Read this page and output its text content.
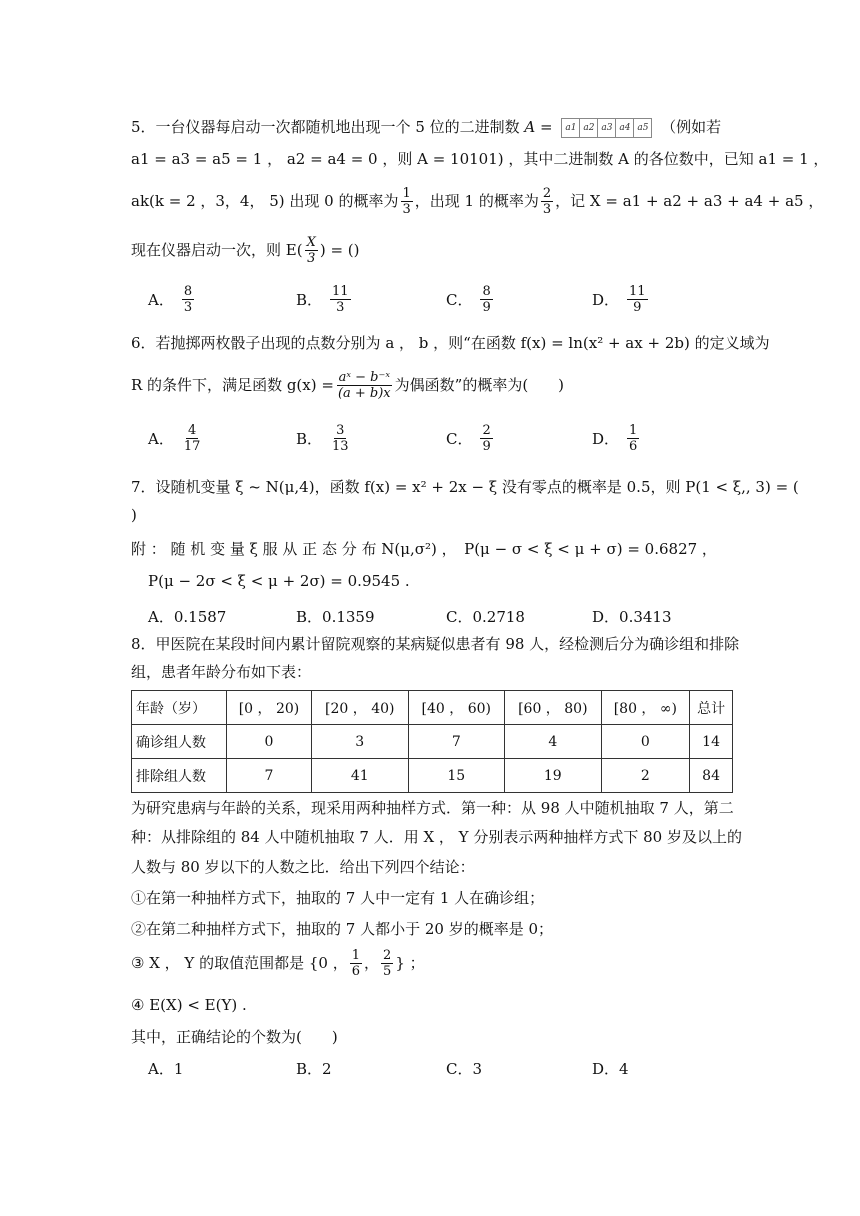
5．一台仪器每启动一次都随机地出现一个 5 位的二进制数 A =	a1 a2 a3 a4 a5 （例如若
a1 = a3 = a5 = 1 ， a2 = a4 = 0 ，则 A = 10101) ，其中二进制数 A 的各位数中，已知 a1 = 1 ，
ak(k = 2 ，3，4， 5) 出现 0 的概率为 $\frac{1}{3}$ ，出现 1 的概率为 $\frac{2}{3}$ ，记 X = a1 + a2 + a3 + a4 + a5 ，
现在仪器启动一次，则 $E( \frac{X}{3}$ ) = ()
A． $\frac{8}{3}$	B． $\frac{11}{3}$	C． $\frac{8}{9}$	D． $\frac{11}{9}$
6．若抛掷两枚骰子出现的点数分别为 a ， b ，则“在函数 f(x) = ln(x² + ax + 2b) 的定义域为
R 的条件下，满足函数 $g(x) = \frac{\text{aˣ − b⁻ˣ}}{(a + b)x}$ 为偶函数”的概率为(　　)
A． $\frac{4}{17}$	B． $\frac{3}{13}$	C． $\frac{2}{9}$	D． $\frac{1}{6}$
7．设随机变量 ξ ~ N(μ,4)，函数 f(x) = x² + 2x − ξ 没有零点的概率是 0.5，则 P(1 < ξ,, 3) = (
)
附 ： 随 机 变 量 ξ 服 从 正 态 分 布 N(μ,σ²) ，　P(μ − σ < ξ < μ + σ) = 0.6827 ，
P(μ − 2σ < ξ < μ + 2σ) = 0.9545 .
A．0.1587	B．0.1359	C．0.2718	D．0.3413
8．甲医院在某段时间内累计留院观察的某病疑似患者有 98 人，经检测后分为确诊组和排除
组，患者年龄分布如下表：
年龄（岁）	[0 ， 20)	[20 ， 40)	[40 ， 60)	[60 ， 80)	[80 ， ∞)	总计
确诊组人数	0	3	7	4	0	14
排除组人数	7	41	15	19	2	84
为研究患病与年龄的关系，现采用两种抽样方式．第一种：从 98 人中随机抽取 7 人，第二
种：从排除组的 84 人中随机抽取 7 人．用 X ， Y 分别表示两种抽样方式下 80 岁及以上的
人数与 80 岁以下的人数之比．给出下列四个结论：
①在第一种抽样方式下，抽取的 7 人中一定有 1 人在确诊组；
②在第二种抽样方式下，抽取的 7 人都小于 20 岁的概率是 0；
③ X ， Y 的取值范围都是 {0 ， $\frac{1}{6}$ ， $\frac{2}{5}$ } ；
④ E(X) < E(Y) .
其中，正确结论的个数为(　　)
A．1	B．2	C．3	D．4
